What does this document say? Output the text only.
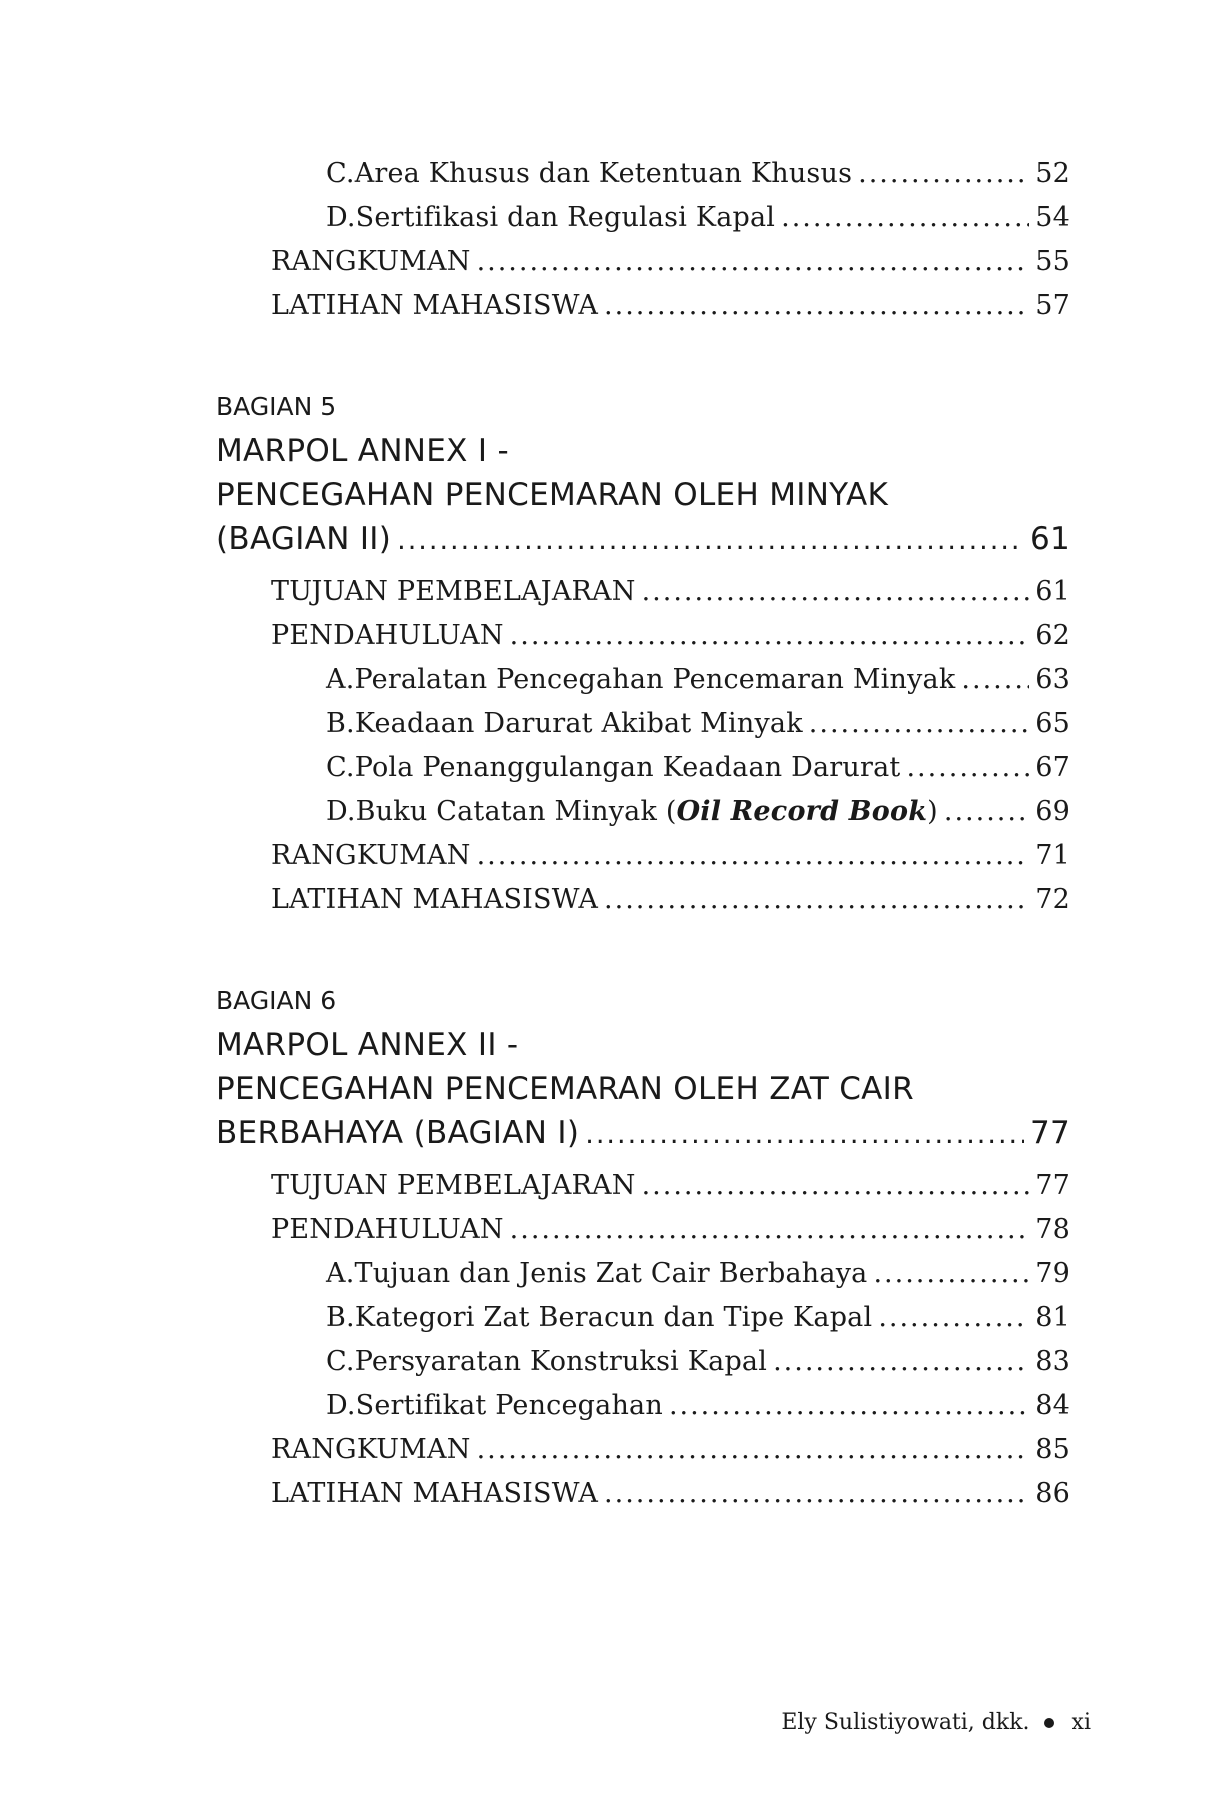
C. Area Khusus dan Ketentuan Khusus .....	52
D. Sertifikasi dan Regulasi Kapal .....	54
RANGKUMAN .....	55
LATIHAN MAHASISWA .....	57
BAGIAN 5
MARPOL ANNEX I -
PENCEGAHAN PENCEMARAN OLEH MINYAK
(BAGIAN II) .....	61
TUJUAN PEMBELAJARAN .....	61
PENDAHULUAN .....	62
A. Peralatan Pencegahan Pencemaran Minyak .....	63
B. Keadaan Darurat Akibat Minyak .....	65
C. Pola Penanggulangan Keadaan Darurat .....	67
D. Buku Catatan Minyak (Oil Record Book) .....	69
RANGKUMAN .....	71
LATIHAN MAHASISWA .....	72
BAGIAN 6
MARPOL ANNEX II -
PENCEGAHAN PENCEMARAN OLEH ZAT CAIR
BERBAHAYA (BAGIAN I) .....	77
TUJUAN PEMBELAJARAN .....	77
PENDAHULUAN .....	78
A. Tujuan dan Jenis Zat Cair Berbahaya .....	79
B. Kategori Zat Beracun dan Tipe Kapal .....	81
C. Persyaratan Konstruksi Kapal .....	83
D. Sertifikat Pencegahan .....	84
RANGKUMAN .....	85
LATIHAN MAHASISWA .....	86
Ely Sulistiyowati, dkk. xi
